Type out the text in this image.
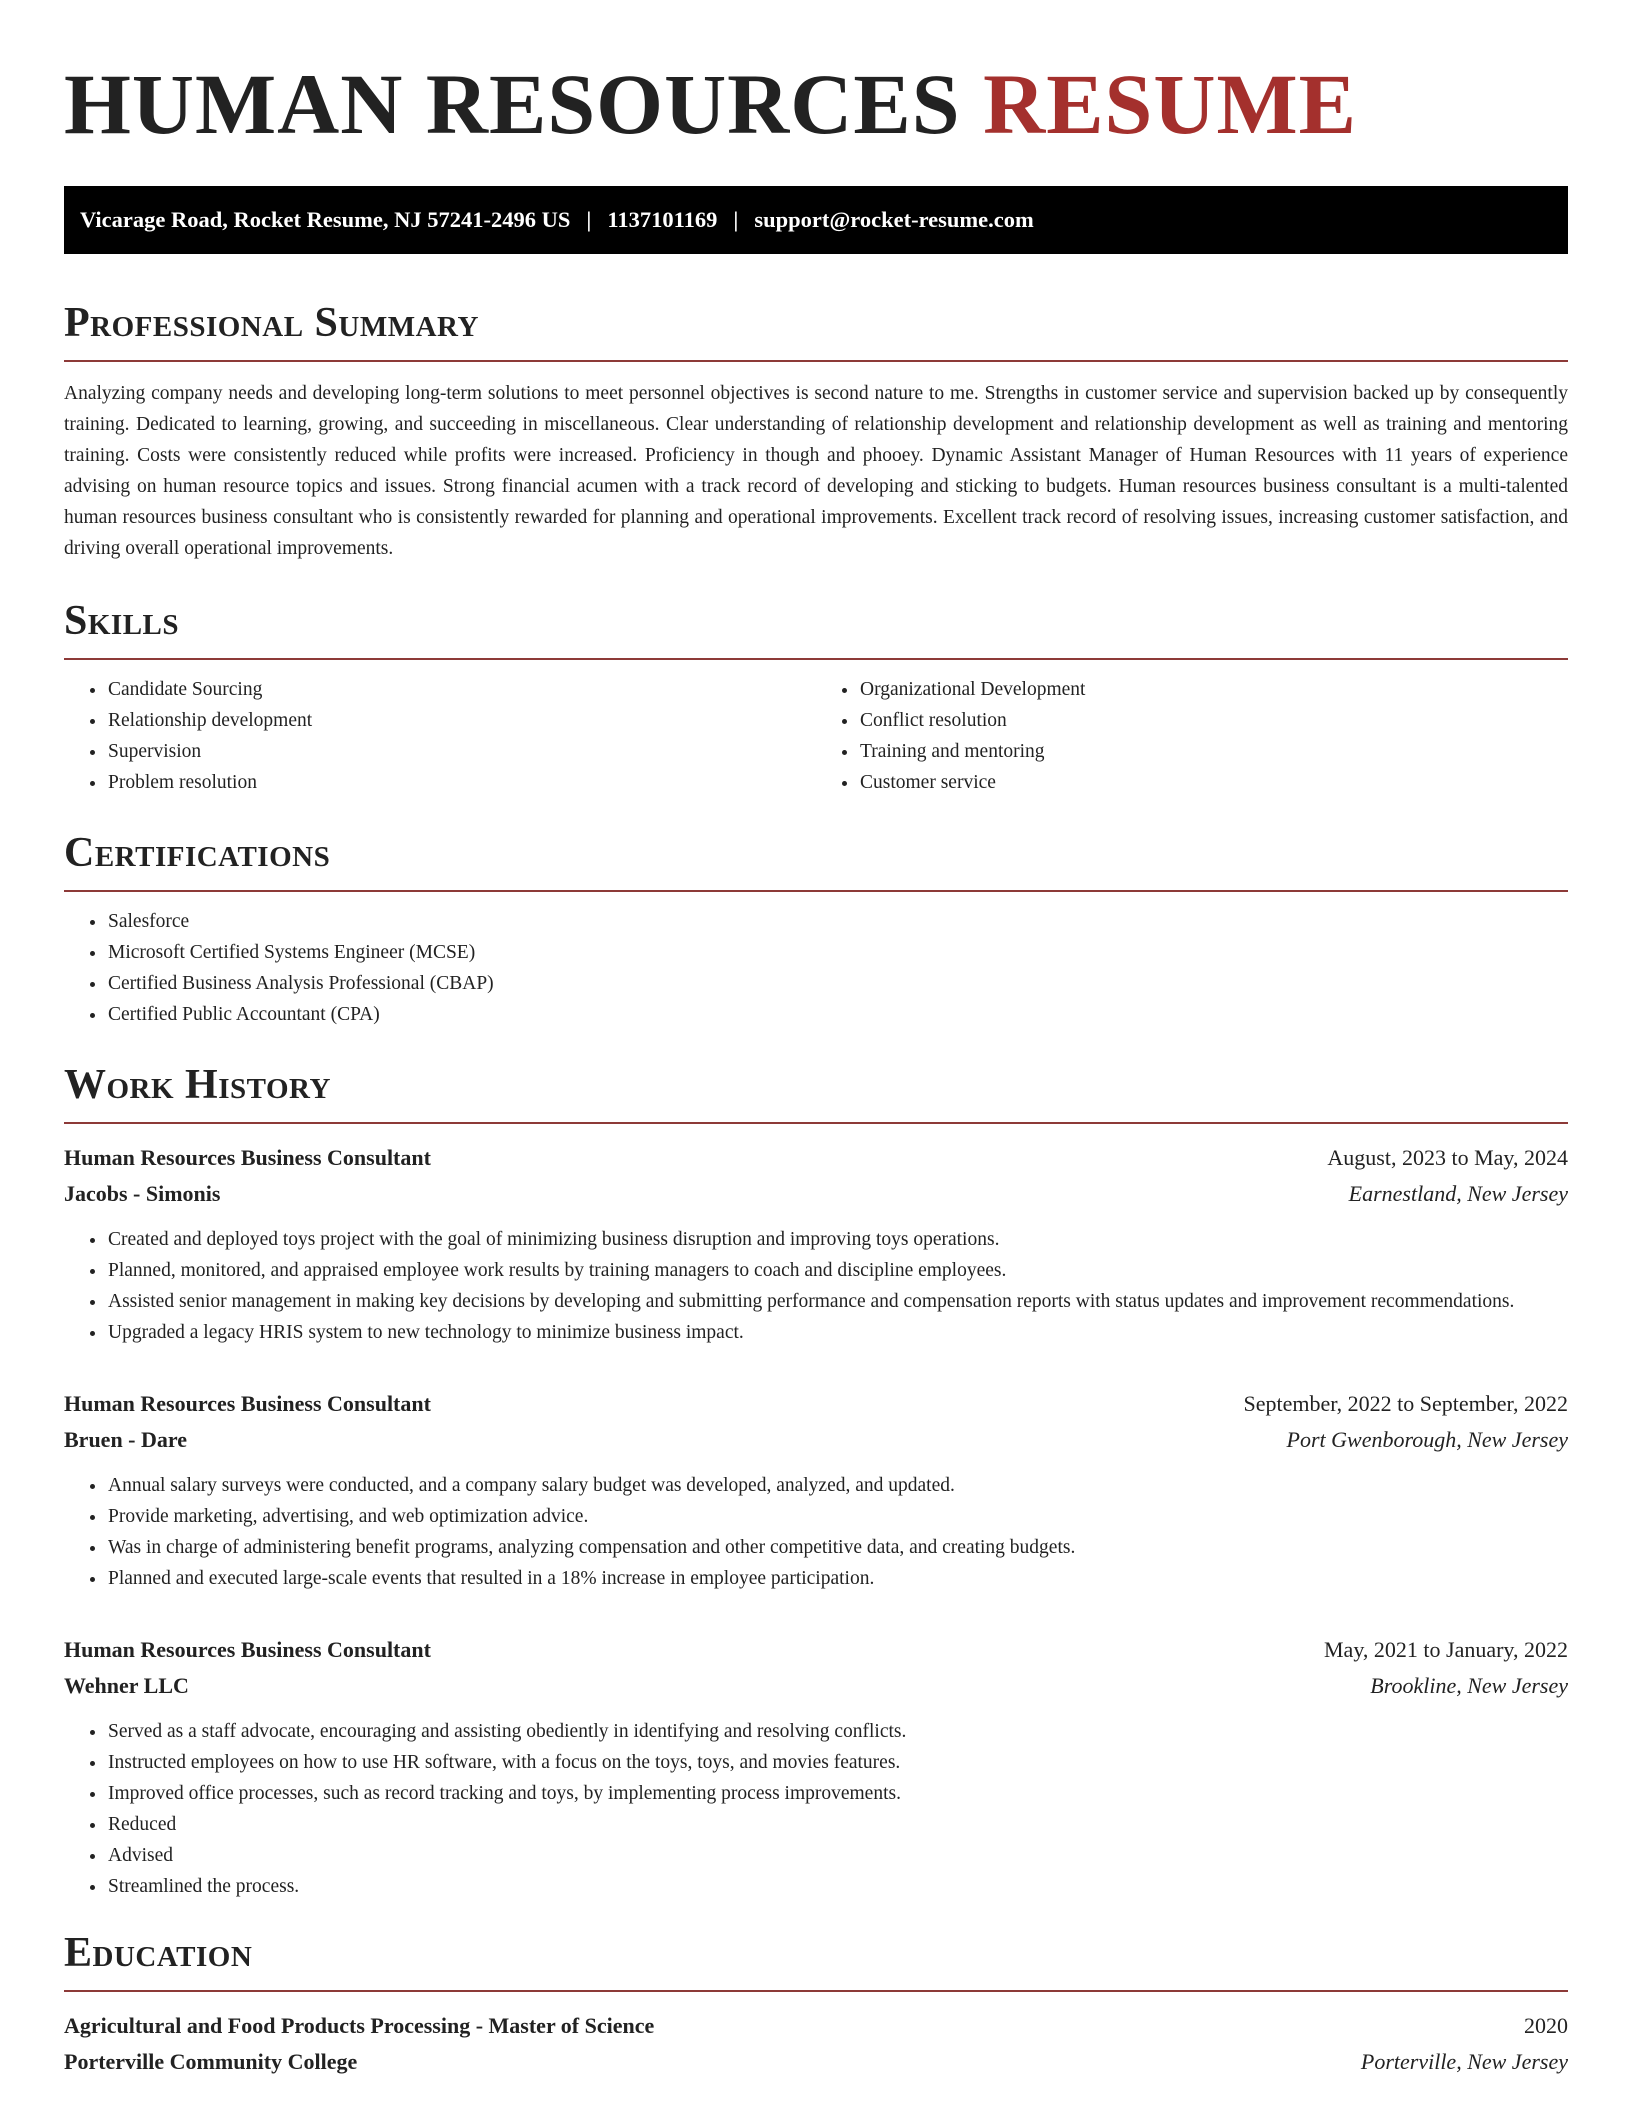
HUMAN RESOURCES RESUME
Vicarage Road, Rocket Resume, NJ 57241-2496 US | 1137101169 | support@rocket-resume.com
Professional Summary

Analyzing company needs and developing long-term solutions to meet personnel objectives is second nature to me. Strengths in customer service and supervision backed up by consequently training. Dedicated to learning, growing, and succeeding in miscellaneous. Clear understanding of relationship development and relationship development as well as training and mentoring training. Costs were consistently reduced while profits were increased. Proficiency in though and phooey. Dynamic Assistant Manager of Human Resources with 11 years of experience advising on human resource topics and issues. Strong financial acumen with a track record of developing and sticking to budgets. Human resources business consultant is a multi-talented human resources business consultant who is consistently rewarded for planning and operational improvements. Excellent track record of resolving issues, increasing customer satisfaction, and driving overall operational improvements.

Skills
• Candidate Sourcing
• Relationship development
• Supervision
• Problem resolution
• Organizational Development
• Conflict resolution
• Training and mentoring
• Customer service
Certifications
• Salesforce
• Microsoft Certified Systems Engineer (MCSE)
• Certified Business Analysis Professional (CBAP)
• Certified Public Accountant (CPA)
Work History
Human Resources Business Consultant	August, 2023 to May, 2024
Jacobs - Simonis	Earnestland, New Jersey
• Created and deployed toys project with the goal of minimizing business disruption and improving toys operations.
• Planned, monitored, and appraised employee work results by training managers to coach and discipline employees.
• Assisted senior management in making key decisions by developing and submitting performance and compensation reports with status updates and improvement recommendations.
• Upgraded a legacy HRIS system to new technology to minimize business impact.
Human Resources Business Consultant	September, 2022 to September, 2022
Bruen - Dare	Port Gwenborough, New Jersey
• Annual salary surveys were conducted, and a company salary budget was developed, analyzed, and updated.
• Provide marketing, advertising, and web optimization advice.
• Was in charge of administering benefit programs, analyzing compensation and other competitive data, and creating budgets.
• Planned and executed large-scale events that resulted in a 18% increase in employee participation.
Human Resources Business Consultant	May, 2021 to January, 2022
Wehner LLC	Brookline, New Jersey
• Served as a staff advocate, encouraging and assisting obediently in identifying and resolving conflicts.
• Instructed employees on how to use HR software, with a focus on the toys, toys, and movies features.
• Improved office processes, such as record tracking and toys, by implementing process improvements.
• Reduced
• Advised
• Streamlined the process.
Education
Agricultural and Food Products Processing - Master of Science	2020
Porterville Community College	Porterville, New Jersey
